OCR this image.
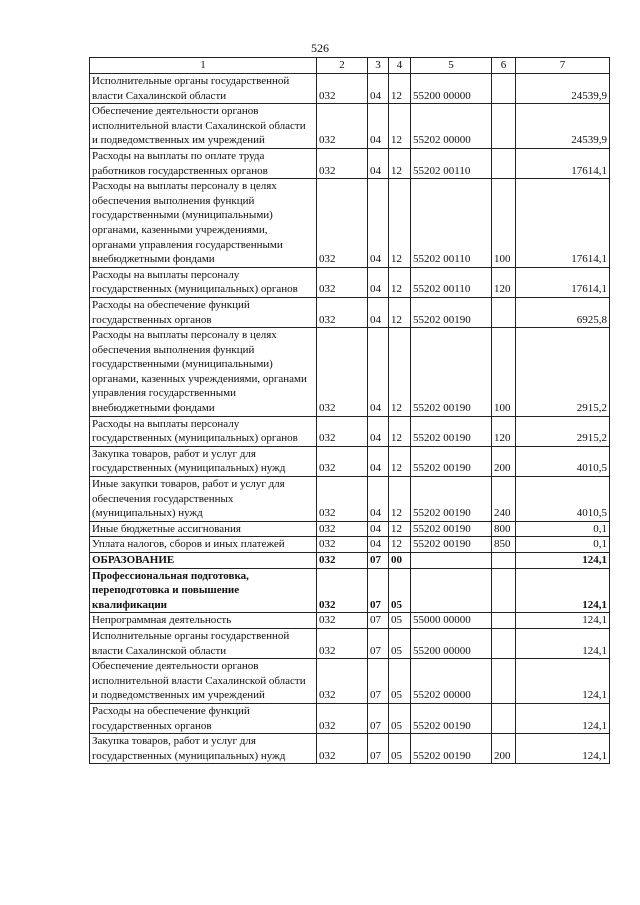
526
1	2	3	4	5	6	7
Исполнительные органы государственной власти Сахалинской области	032	04	12	55200 00000		24539,9
Обеспечение деятельности органов исполнительной власти Сахалинской области и подведомственных им учреждений	032	04	12	55202 00000		24539,9
Расходы на выплаты по оплате труда работников государственных органов	032	04	12	55202 00110		17614,1
Расходы на выплаты персоналу в целях обеспечения выполнения функций государственными (муниципальными) органами, казенными учреждениями, органами управления государственными внебюджетными фондами	032	04	12	55202 00110	100	17614,1
Расходы на выплаты персоналу государственных (муниципальных) органов	032	04	12	55202 00110	120	17614,1
Расходы на обеспечение функций государственных органов	032	04	12	55202 00190		6925,8
Расходы на выплаты персоналу в целях обеспечения выполнения функций государственными (муниципальными) органами, казенных учреждениями, органами управления государственными внебюджетными фондами	032	04	12	55202 00190	100	2915,2
Расходы на выплаты персоналу государственных (муниципальных) органов	032	04	12	55202 00190	120	2915,2
Закупка товаров, работ и услуг для государственных (муниципальных) нужд	032	04	12	55202 00190	200	4010,5
Иные закупки товаров, работ и услуг для обеспечения государственных (муниципальных) нужд	032	04	12	55202 00190	240	4010,5
Иные бюджетные ассигнования	032	04	12	55202 00190	800	0,1
Уплата налогов, сборов и иных платежей	032	04	12	55202 00190	850	0,1
ОБРАЗОВАНИЕ	032	07	00			124,1
Профессиональная подготовка, переподготовка и повышение квалификации	032	07	05			124,1
Непрограммная деятельность	032	07	05	55000 00000		124,1
Исполнительные органы государственной власти Сахалинской области	032	07	05	55200 00000		124,1
Обеспечение деятельности органов исполнительной власти Сахалинской области и подведомственных им учреждений	032	07	05	55202 00000		124,1
Расходы на обеспечение функций государственных органов	032	07	05	55202 00190		124,1
Закупка товаров, работ и услуг для государственных (муниципальных) нужд	032	07	05	55202 00190	200	124,1
